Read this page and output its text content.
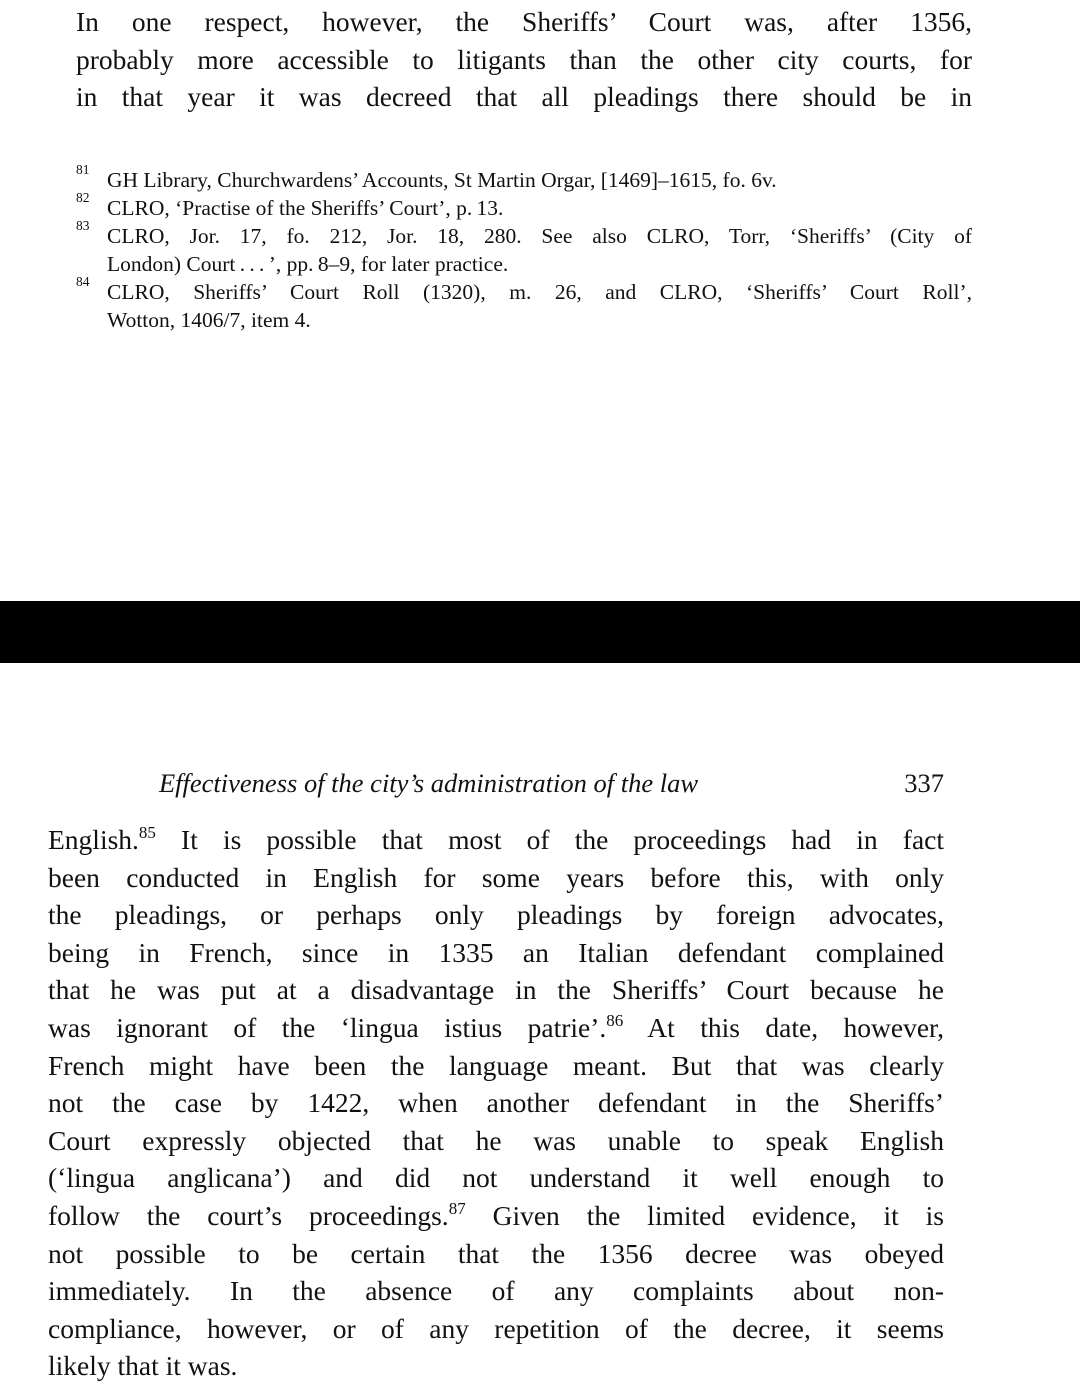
In one respect, however, the Sheriffs’ Court was, after 1356,
probably more accessible to litigants than the other city courts, for
in that year it was decreed that all pleadings there should be in
81 GH Library, Churchwardens’ Accounts, St Martin Orgar, [1469]–1615, fo. 6v.
82 CLRO, ‘Practise of the Sheriffs’ Court’, p. 13.
83 CLRO, Jor. 17, fo. 212, Jor. 18, 280. See also CLRO, Torr, ‘Sheriffs’ (City of
London) Court . . . ’, pp. 8–9, for later practice.
84 CLRO, Sheriffs’ Court Roll (1320), m. 26, and CLRO, ‘Sheriffs’ Court Roll’,
Wotton, 1406/7, item 4.
Effectiveness of the city’s administration of the law	337
English.$^{85}$ It is possible that most of the proceedings had in fact
been conducted in English for some years before this, with only
the pleadings, or perhaps only pleadings by foreign advocates,
being in French, since in 1335 an Italian defendant complained
that he was put at a disadvantage in the Sheriffs’ Court because he
was ignorant of the ‘lingua istius patrie’.$^{86}$ At this date, however,
French might have been the language meant. But that was clearly
not the case by 1422, when another defendant in the Sheriffs’
Court expressly objected that he was unable to speak English
(‘lingua anglicana’) and did not understand it well enough to
follow the court’s proceedings.$^{87}$ Given the limited evidence, it is
not possible to be certain that the 1356 decree was obeyed
immediately. In the absence of any complaints about non-
compliance, however, or of any repetition of the decree, it seems
likely that it was.
